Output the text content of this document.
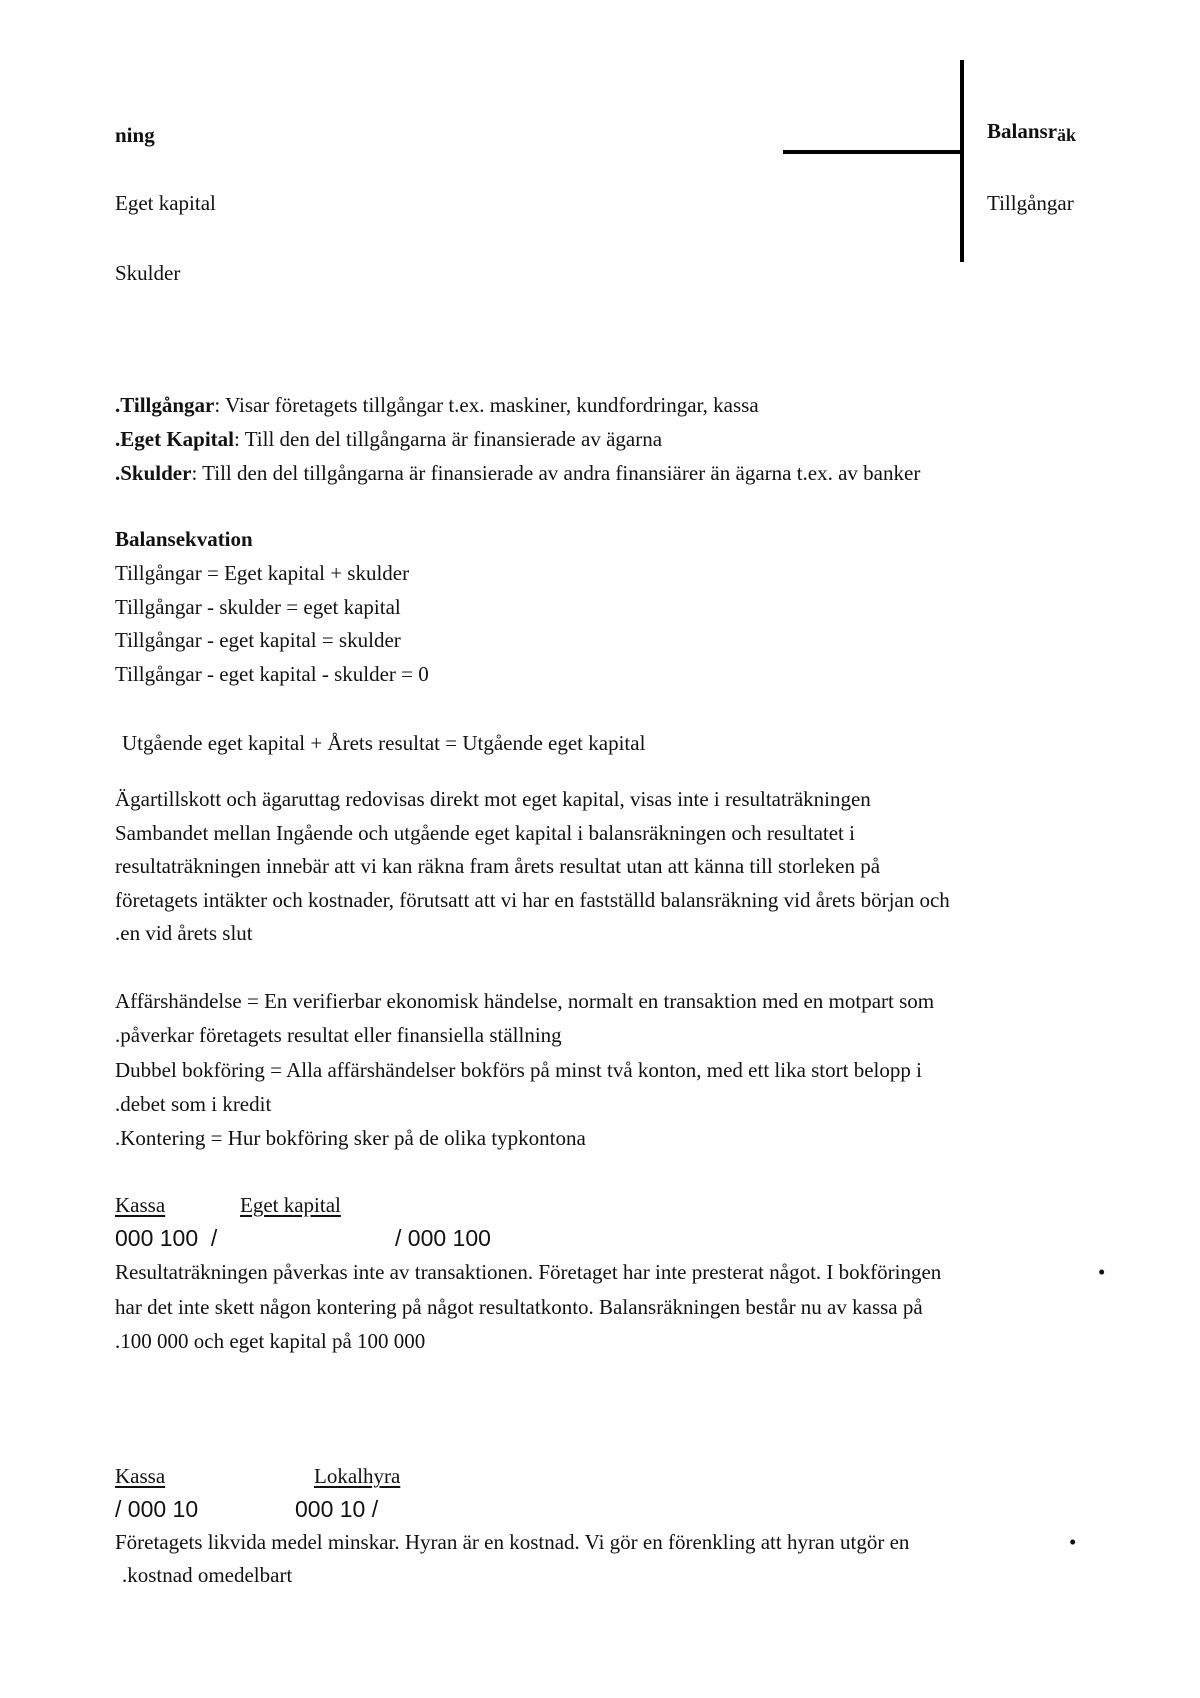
ning	Balansräk
Eget kapital	Tillgångar
Skulder
.Tillgångar: Visar företagets tillgångar t.ex. maskiner, kundfordringar, kassa
.Eget Kapital: Till den del tillgångarna är finansierade av ägarna
.Skulder: Till den del tillgångarna är finansierade av andra finansiärer än ägarna t.ex. av banker
Balansekvation
Tillgångar = Eget kapital + skulder
Tillgångar - skulder = eget kapital
Tillgångar - eget kapital = skulder
Tillgångar - eget kapital - skulder = 0
Utgående eget kapital + Årets resultat = Utgående eget kapital
Ägartillskott och ägaruttag redovisas direkt mot eget kapital, visas inte i resultaträkningen
Sambandet mellan Ingående och utgående eget kapital i balansräkningen och resultatet i
resultaträkningen innebär att vi kan räkna fram årets resultat utan att känna till storleken på
företagets intäkter och kostnader, förutsatt att vi har en fastställd balansräkning vid årets början och
.en vid årets slut
Affärshändelse = En verifierbar ekonomisk händelse, normalt en transaktion med en motpart som
.påverkar företagets resultat eller finansiella ställning
Dubbel bokföring = Alla affärshändelser bokförs på minst två konton, med ett lika stort belopp i
.debet som i kredit
.Kontering = Hur bokföring sker på de olika typkontona
Kassa	Eget kapital
000 100  /	/ 000 100
Resultaträkningen påverkas inte av transaktionen. Företaget har inte presterat något. I bokföringen
har det inte skett någon kontering på något resultatkonto. Balansräkningen består nu av kassa på
.100 000 och eget kapital på 100 000
•
Kassa	Lokalhyra
/ 000 10	000 10 /
Företagets likvida medel minskar. Hyran är en kostnad. Vi gör en förenkling att hyran utgör en
.kostnad omedelbart
•
